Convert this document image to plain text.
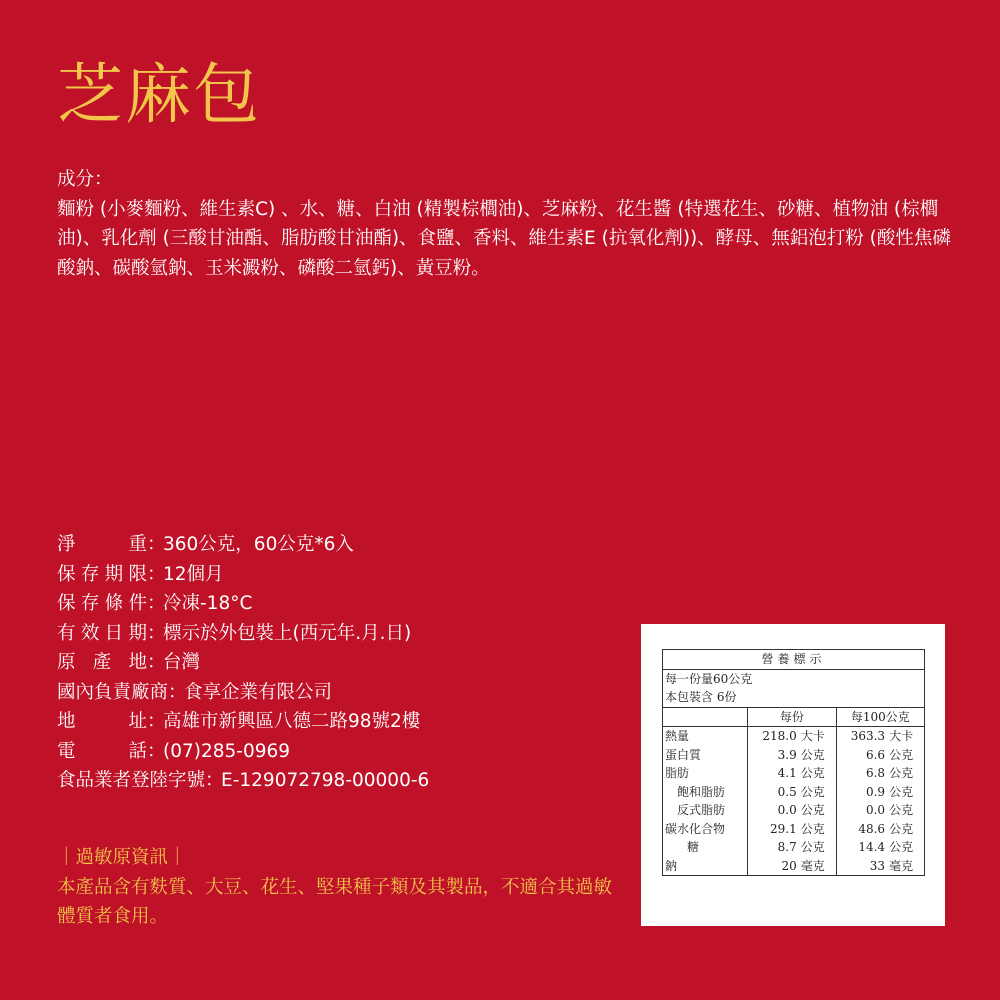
芝麻包
成分：
麵粉 (小麥麵粉、維生素C) 、水、糖、白油 (精製棕櫚油)、芝麻粉、花生醬 (特選花生、砂糖、植物油 (棕櫚油)、乳化劑 (三酸甘油酯、脂肪酸甘油酯)、食鹽、香料、維生素E (抗氧化劑))、酵母、無鋁泡打粉 (酸性焦磷酸鈉、碳酸氫鈉、玉米澱粉、磷酸二氫鈣)、黃豆粉。
淨重 ：
360公克，60公克*6入
保存期限 ：
12個月
保存條件 ：
冷凍-18°C
有效日期 ：
標示於外包裝上(西元年.月.日)
原產地 ：
台灣
國內負責廠商 ：
食享企業有限公司
地址 ：
高雄市新興區八德二路98號2樓
電話 ：
(07)285-0969
食品業者登陸字號 ：
E-129072798-00000-6
｜過敏原資訊｜
本產品含有麩質、大豆、花生、堅果種子類及其製品，不適合其過敏體質者食用。
營養標示				
每一份量60公克				
本包裝含 6份				
	每份		每100公克	
熱量	218.0	大卡	363.3	大卡
蛋白質	3.9	公克	6.6	公克
脂肪	4.1	公克	6.8	公克
飽和脂肪	0.5	公克	0.9	公克
反式脂肪	0.0	公克	0.0	公克
碳水化合物	29.1	公克	48.6	公克
糖	8.7	公克	14.4	公克
鈉	20	毫克	33	毫克
